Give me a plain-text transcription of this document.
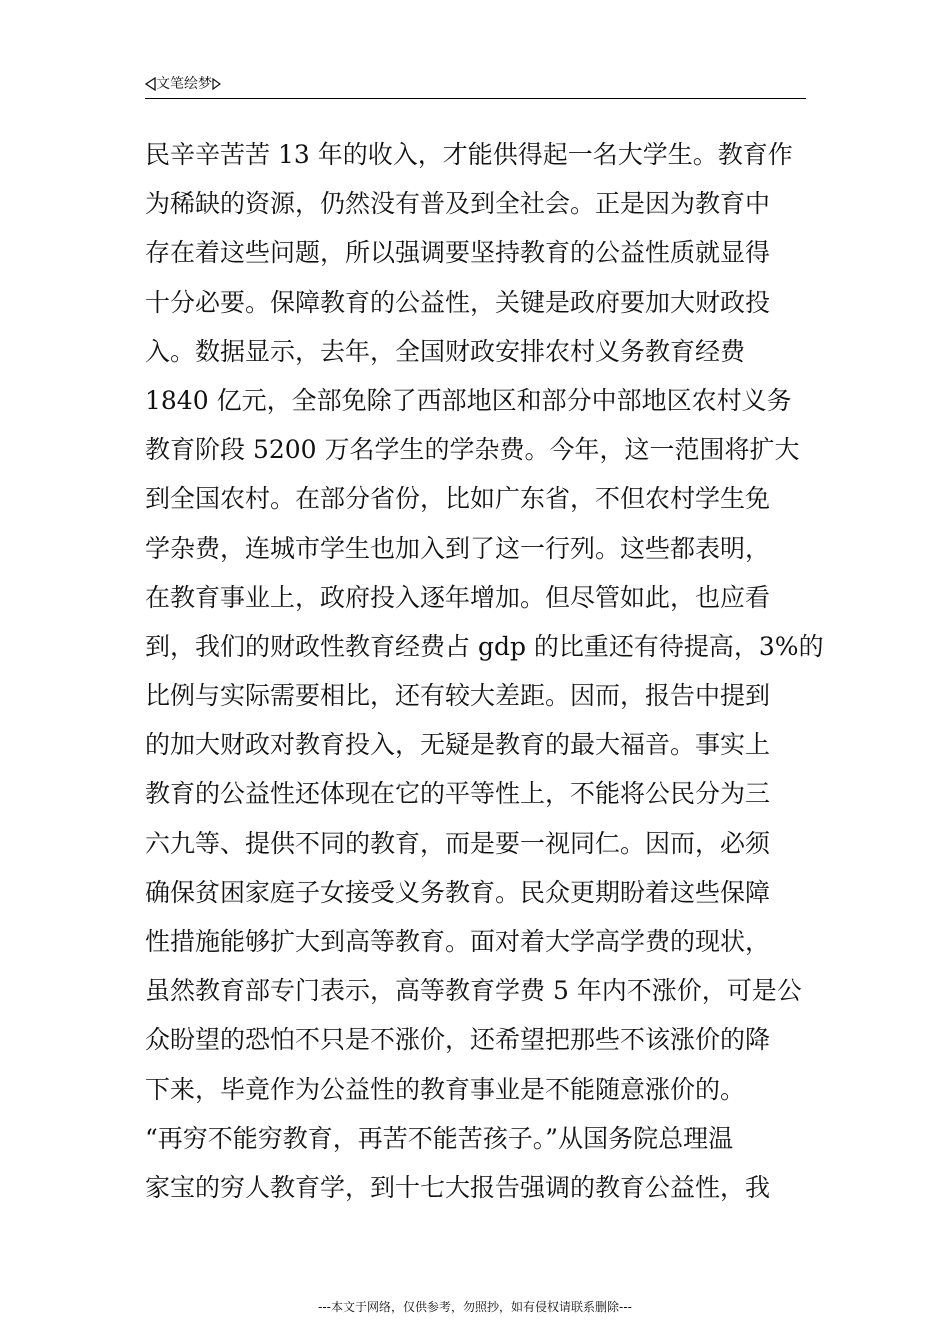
文笔绘梦
民辛辛苦苦 13 年的收入，才能供得起一名大学生。教育作
为稀缺的资源，仍然没有普及到全社会。正是因为教育中
存在着这些问题，所以强调要坚持教育的公益性质就显得
十分必要。保障教育的公益性，关键是政府要加大财政投
入。数据显示，去年，全国财政安排农村义务教育经费
1840 亿元，全部免除了西部地区和部分中部地区农村义务
教育阶段 5200 万名学生的学杂费。今年，这一范围将扩大
到全国农村。在部分省份，比如广东省，不但农村学生免
学杂费，连城市学生也加入到了这一行列。这些都表明，
在教育事业上，政府投入逐年增加。但尽管如此，也应看
到，我们的财政性教育经费占 gdp 的比重还有待提高，3%的
比例与实际需要相比，还有较大差距。因而，报告中提到
的加大财政对教育投入，无疑是教育的最大福音。事实上
教育的公益性还体现在它的平等性上，不能将公民分为三
六九等、提供不同的教育，而是要一视同仁。因而，必须
确保贫困家庭子女接受义务教育。民众更期盼着这些保障
性措施能够扩大到高等教育。面对着大学高学费的现状，
虽然教育部专门表示，高等教育学费 5 年内不涨价，可是公
众盼望的恐怕不只是不涨价，还希望把那些不该涨价的降
下来，毕竟作为公益性的教育事业是不能随意涨价的。
“再穷不能穷教育，再苦不能苦孩子。”从国务院总理温
家宝的穷人教育学，到十七大报告强调的教育公益性，我
---本文于网络，仅供参考，勿照抄，如有侵权请联系删除---
